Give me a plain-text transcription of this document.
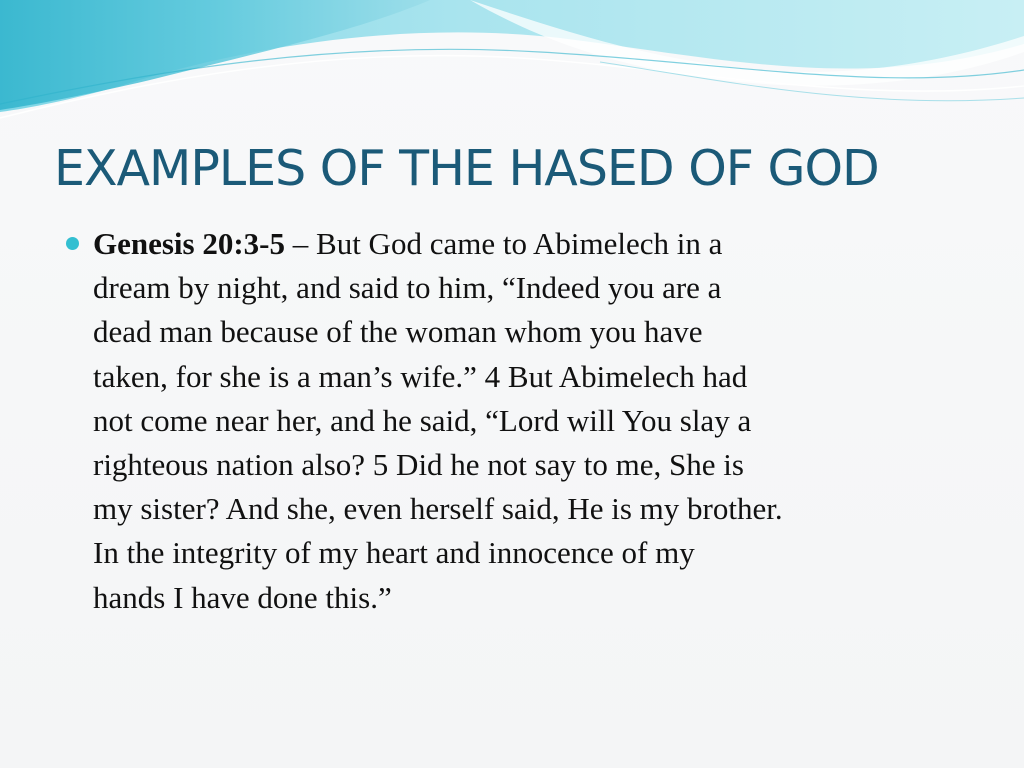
EXAMPLES OF THE HASED OF GOD
Genesis 20:3-5 – But God came to Abimelech in a
dream by night, and said to him, “Indeed you are a
dead man because of the woman whom you have
taken, for she is a man’s wife.” 4 But Abimelech had
not come near her, and he said, “Lord will You slay a
righteous nation also? 5 Did he not say to me, She is
my sister? And she, even herself said, He is my brother.
In the integrity of my heart and innocence of my
hands I have done this.”
